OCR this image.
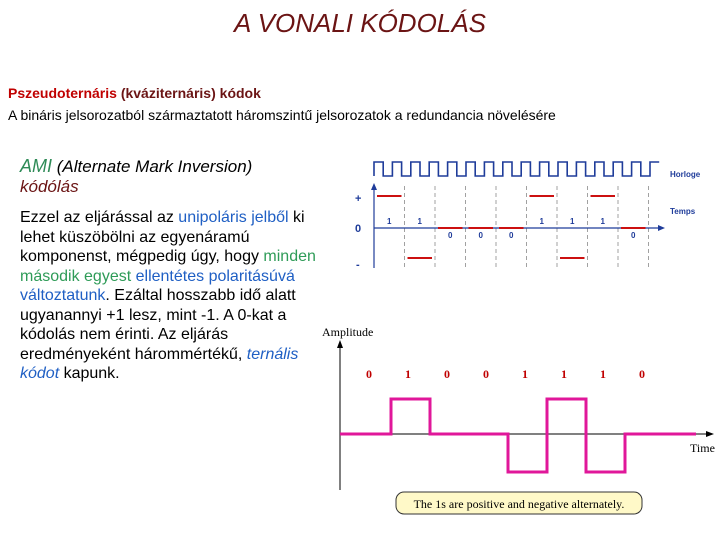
A VONALI KÓDOLÁS
Pszeudoternáris (kváziternáris) kódok
A bináris jelsorozatból származtatott háromszintű jelsorozatok a redundancia növelésére
AMI (Alternate Mark Inversion)
kódólás
Ezzel az eljárással az unipoláris jelből ki lehet küszöbölni az egyenáramú komponenst, mégpedig úgy, hogy minden második egyest ellentétes polaritásúvá változtatunk. Ezáltal hosszabb idő alatt ugyanannyi +1 lesz, mint -1. A 0-kat a kódolás nem érinti. Az eljárás eredményeként hárommértékű, ternális kódot kapunk.
Horloge
Temps
+
0
-
1	1
0	0	0
1	1	1
0
Amplitude
Time
0	1	0	0	1	1	1	0
The 1s are positive and negative alternately.
